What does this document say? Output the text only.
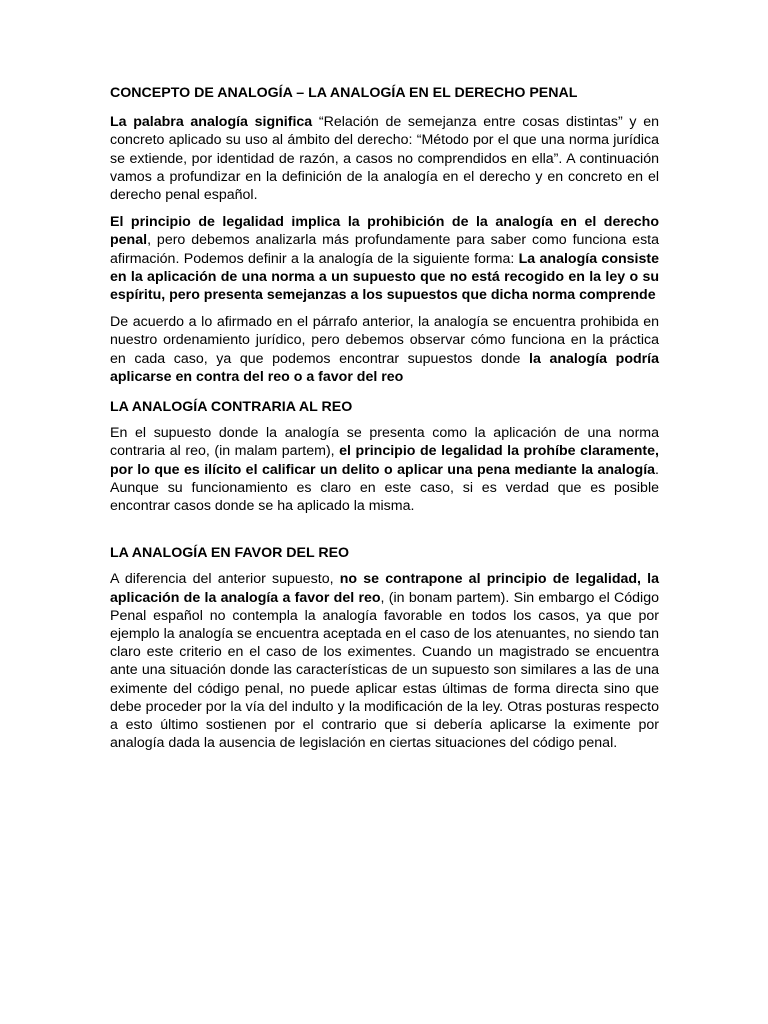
CONCEPTO DE ANALOGÍA – LA ANALOGÍA EN EL DERECHO PENAL

La palabra analogía significa “Relación de semejanza entre cosas distintas” y en concreto aplicado su uso al ámbito del derecho: “Método por el que una norma jurídica se extiende, por identidad de razón, a casos no comprendidos en ella”. A continuación vamos a profundizar en la definición de la analogía en el derecho y en concreto en el derecho penal español.

El principio de legalidad implica la prohibición de la analogía en el derecho penal, pero debemos analizarla más profundamente para saber como funciona esta afirmación. Podemos definir a la analogía de la siguiente forma: La analogía consiste en la aplicación de una norma a un supuesto que no está recogido en la ley o su espíritu, pero presenta semejanzas a los supuestos que dicha norma comprende

De acuerdo a lo afirmado en el párrafo anterior, la analogía se encuentra prohibida en nuestro ordenamiento jurídico, pero debemos observar cómo funciona en la práctica en cada caso, ya que podemos encontrar supuestos donde la analogía podría aplicarse en contra del reo o a favor del reo

LA ANALOGÍA CONTRARIA AL REO

En el supuesto donde la analogía se presenta como la aplicación de una norma contraria al reo, (in malam partem), el principio de legalidad la prohíbe claramente, por lo que es ilícito el calificar un delito o aplicar una pena mediante la analogía. Aunque su funcionamiento es claro en este caso, si es verdad que es posible encontrar casos donde se ha aplicado la misma.

LA ANALOGÍA EN FAVOR DEL REO

A diferencia del anterior supuesto, no se contrapone al principio de legalidad, la aplicación de la analogía a favor del reo, (in bonam partem). Sin embargo el Código Penal español no contempla la analogía favorable en todos los casos, ya que por ejemplo la analogía se encuentra aceptada en el caso de los atenuantes, no siendo tan claro este criterio en el caso de los eximentes. Cuando un magistrado se encuentra ante una situación donde las características de un supuesto son similares a las de una eximente del código penal, no puede aplicar estas últimas de forma directa sino que debe proceder por la vía del indulto y la modificación de la ley. Otras posturas respecto a esto último sostienen por el contrario que si debería aplicarse la eximente por analogía dada la ausencia de legislación en ciertas situaciones del código penal.
